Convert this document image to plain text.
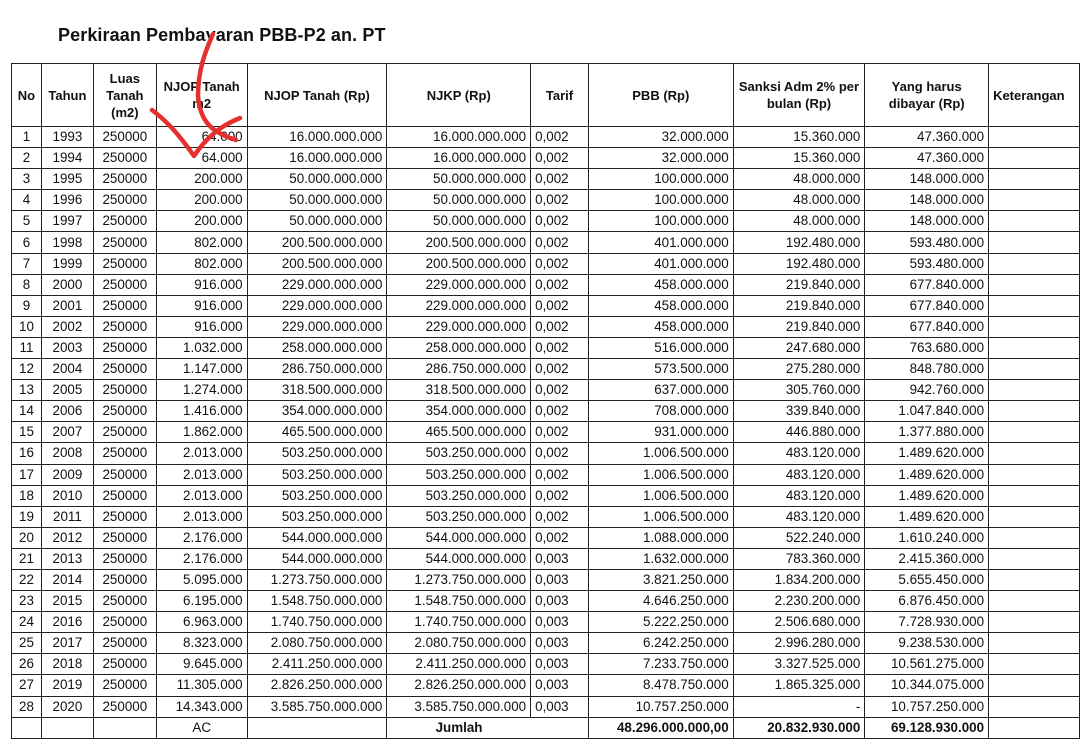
Perkiraan Pembayaran PBB-P2 an. PT
No	Tahun	Luas Tanah (m2)	NJOP Tanah m2	NJOP Tanah (Rp)	NJKP (Rp)	Tarif	PBB (Rp)	Sanksi Adm 2% per bulan (Rp)	Yang harus dibayar (Rp)	Keterangan
1	1993	250000	64.000	16.000.000.000	16.000.000.000	0,002	32.000.000	15.360.000	47.360.000	
2	1994	250000	64.000	16.000.000.000	16.000.000.000	0,002	32.000.000	15.360.000	47.360.000	
3	1995	250000	200.000	50.000.000.000	50.000.000.000	0,002	100.000.000	48.000.000	148.000.000	
4	1996	250000	200.000	50.000.000.000	50.000.000.000	0,002	100.000.000	48.000.000	148.000.000	
5	1997	250000	200.000	50.000.000.000	50.000.000.000	0,002	100.000.000	48.000.000	148.000.000	
6	1998	250000	802.000	200.500.000.000	200.500.000.000	0,002	401.000.000	192.480.000	593.480.000	
7	1999	250000	802.000	200.500.000.000	200.500.000.000	0,002	401.000.000	192.480.000	593.480.000	
8	2000	250000	916.000	229.000.000.000	229.000.000.000	0,002	458.000.000	219.840.000	677.840.000	
9	2001	250000	916.000	229.000.000.000	229.000.000.000	0,002	458.000.000	219.840.000	677.840.000	
10	2002	250000	916.000	229.000.000.000	229.000.000.000	0,002	458.000.000	219.840.000	677.840.000	
11	2003	250000	1.032.000	258.000.000.000	258.000.000.000	0,002	516.000.000	247.680.000	763.680.000	
12	2004	250000	1.147.000	286.750.000.000	286.750.000.000	0,002	573.500.000	275.280.000	848.780.000	
13	2005	250000	1.274.000	318.500.000.000	318.500.000.000	0,002	637.000.000	305.760.000	942.760.000	
14	2006	250000	1.416.000	354.000.000.000	354.000.000.000	0,002	708.000.000	339.840.000	1.047.840.000	
15	2007	250000	1.862.000	465.500.000.000	465.500.000.000	0,002	931.000.000	446.880.000	1.377.880.000	
16	2008	250000	2.013.000	503.250.000.000	503.250.000.000	0,002	1.006.500.000	483.120.000	1.489.620.000	
17	2009	250000	2.013.000	503.250.000.000	503.250.000.000	0,002	1.006.500.000	483.120.000	1.489.620.000	
18	2010	250000	2.013.000	503.250.000.000	503.250.000.000	0,002	1.006.500.000	483.120.000	1.489.620.000	
19	2011	250000	2.013.000	503.250.000.000	503.250.000.000	0,002	1.006.500.000	483.120.000	1.489.620.000	
20	2012	250000	2.176.000	544.000.000.000	544.000.000.000	0,002	1.088.000.000	522.240.000	1.610.240.000	
21	2013	250000	2.176.000	544.000.000.000	544.000.000.000	0,003	1.632.000.000	783.360.000	2.415.360.000	
22	2014	250000	5.095.000	1.273.750.000.000	1.273.750.000.000	0,003	3.821.250.000	1.834.200.000	5.655.450.000	
23	2015	250000	6.195.000	1.548.750.000.000	1.548.750.000.000	0,003	4.646.250.000	2.230.200.000	6.876.450.000	
24	2016	250000	6.963.000	1.740.750.000.000	1.740.750.000.000	0,003	5.222.250.000	2.506.680.000	7.728.930.000	
25	2017	250000	8.323.000	2.080.750.000.000	2.080.750.000.000	0,003	6.242.250.000	2.996.280.000	9.238.530.000	
26	2018	250000	9.645.000	2.411.250.000.000	2.411.250.000.000	0,003	7.233.750.000	3.327.525.000	10.561.275.000	
27	2019	250000	11.305.000	2.826.250.000.000	2.826.250.000.000	0,003	8.478.750.000	1.865.325.000	10.344.075.000	
28	2020	250000	14.343.000	3.585.750.000.000	3.585.750.000.000	0,003	10.757.250.000	-	10.757.250.000	
			AC		Jumlah		48.296.000.000,00	20.832.930.000	69.128.930.000	
